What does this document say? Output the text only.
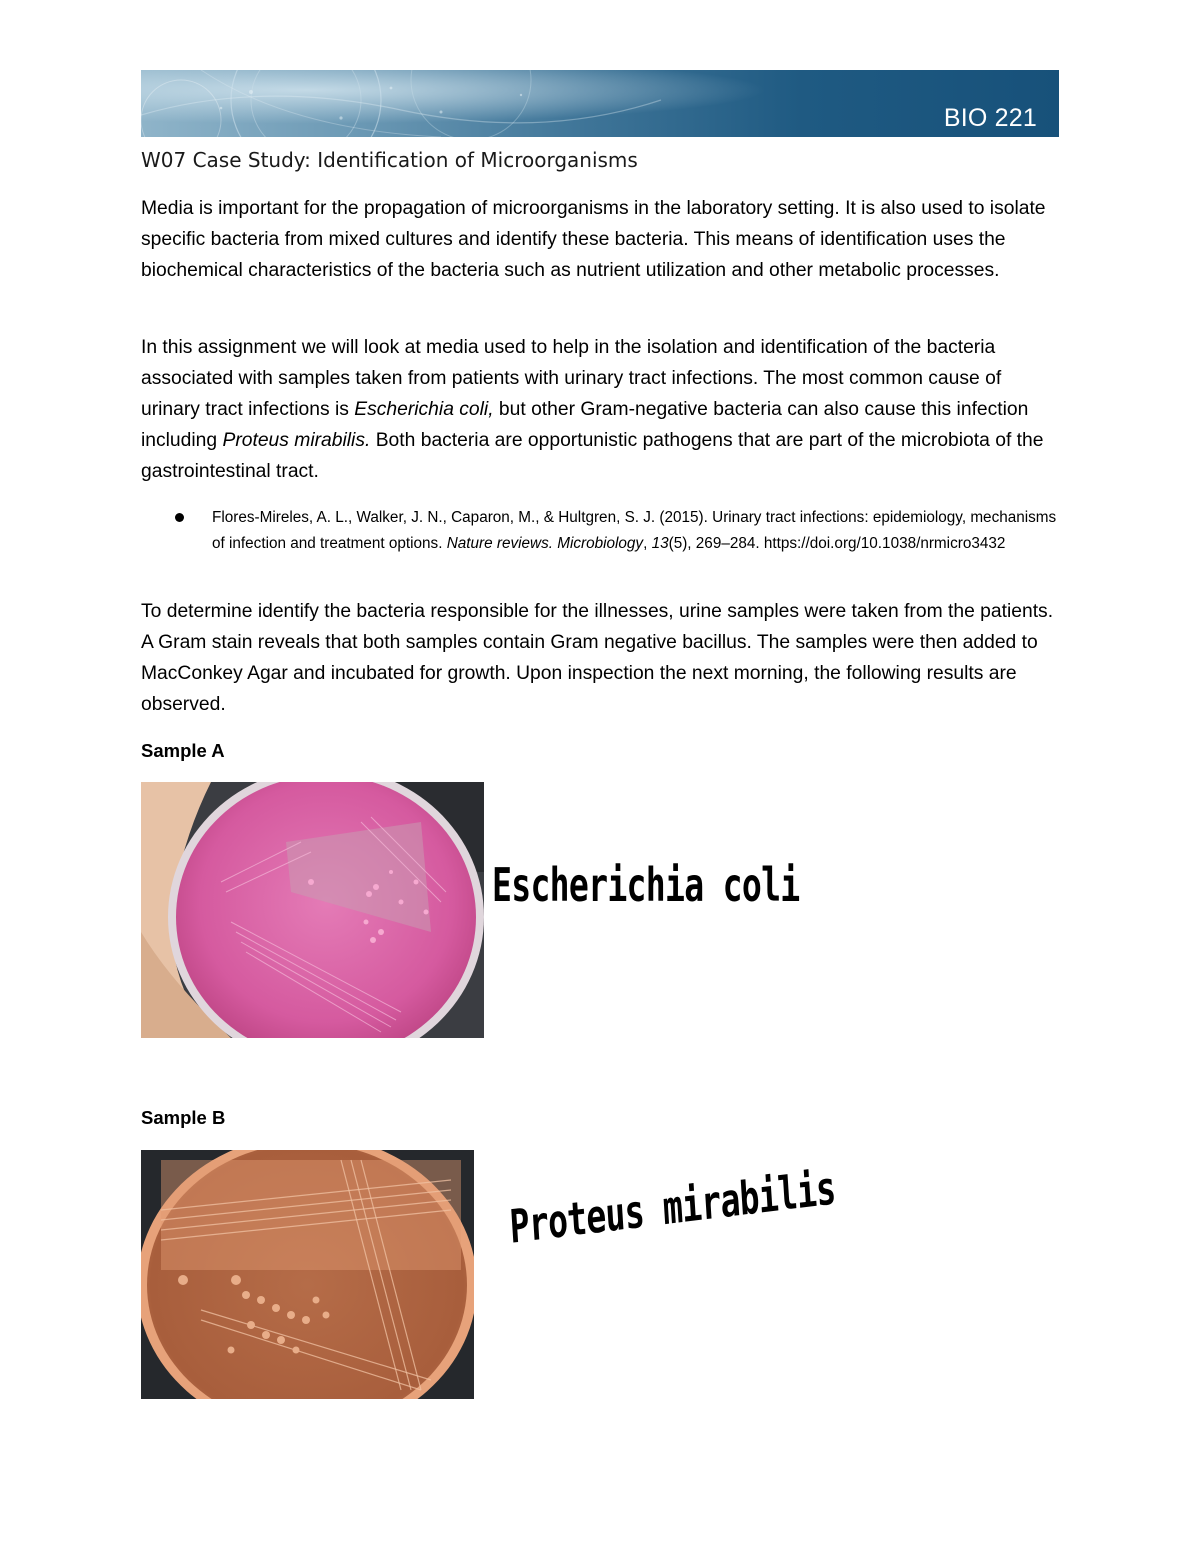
BIO 221
W07 Case Study: Identification of Microorganisms

Media is important for the propagation of microorganisms in the laboratory setting. It is also used to isolate specific bacteria from mixed cultures and identify these bacteria. This means of identification uses the biochemical characteristics of the bacteria such as nutrient utilization and other metabolic processes.

In this assignment we will look at media used to help in the isolation and identification of the bacteria associated with samples taken from patients with urinary tract infections. The most common cause of urinary tract infections is Escherichia coli, but other Gram-negative bacteria can also cause this infection including Proteus mirabilis. Both bacteria are opportunistic pathogens that are part of the microbiota of the gastrointestinal tract.

Flores-Mireles, A. L., Walker, J. N., Caparon, M., & Hultgren, S. J. (2015). Urinary tract infections: epidemiology, mechanisms of infection and treatment options. Nature reviews. Microbiology, 13(5), 269–284. https://doi.org/10.1038/nrmicro3432

To determine identify the bacteria responsible for the illnesses, urine samples were taken from the patients. A Gram stain reveals that both samples contain Gram negative bacillus. The samples were then added to MacConkey Agar and incubated for growth. Upon inspection the next morning, the following results are observed.

Sample A

Escherichia coli

Sample B

Proteus mirabilis
